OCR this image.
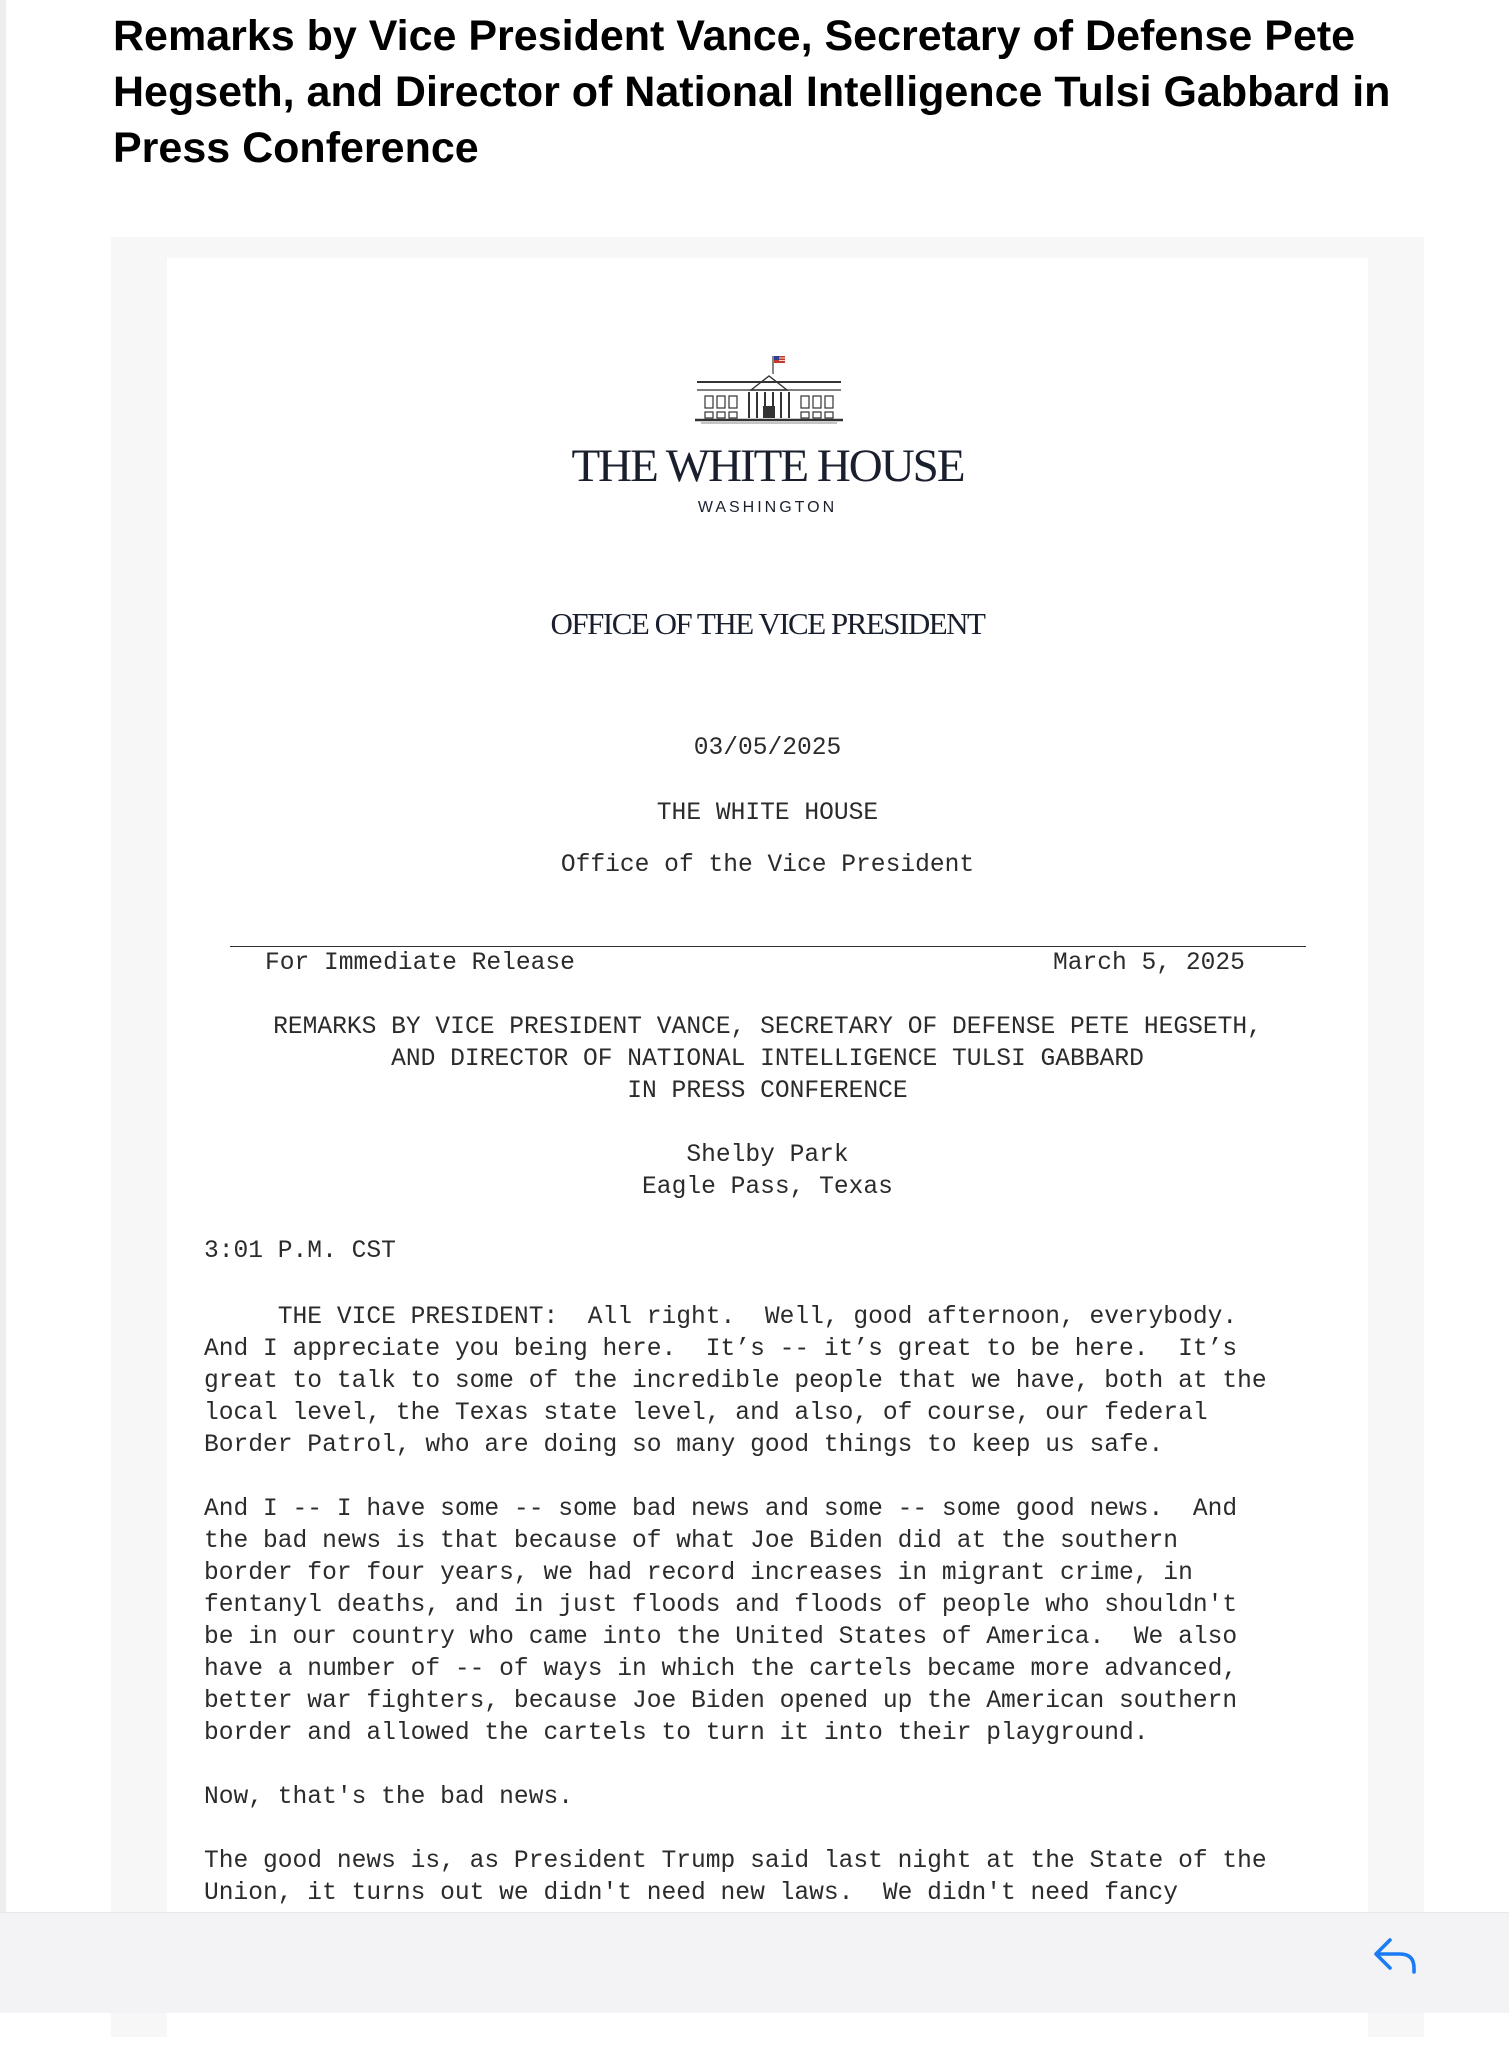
Remarks by Vice President Vance, Secretary of Defense Pete Hegseth, and Director of National Intelligence Tulsi Gabbard in Press Conference
THE WHITE HOUSE
WASHINGTON
OFFICE OF THE VICE PRESIDENT
03/05/2025
THE WHITE HOUSE
Office of the Vice President
For Immediate Release	March 5, 2025
REMARKS BY VICE PRESIDENT VANCE, SECRETARY OF DEFENSE PETE HEGSETH,
AND DIRECTOR OF NATIONAL INTELLIGENCE TULSI GABBARD
IN PRESS CONFERENCE
Shelby Park
Eagle Pass, Texas
3:01 P.M. CST
THE VICE PRESIDENT:  All right.  Well, good afternoon, everybody.
And I appreciate you being here.  It’s -- it’s great to be here.  It’s
great to talk to some of the incredible people that we have, both at the
local level, the Texas state level, and also, of course, our federal
Border Patrol, who are doing so many good things to keep us safe.
And I -- I have some -- some bad news and some -- some good news.  And
the bad news is that because of what Joe Biden did at the southern
border for four years, we had record increases in migrant crime, in
fentanyl deaths, and in just floods and floods of people who shouldn't
be in our country who came into the United States of America.  We also
have a number of -- of ways in which the cartels became more advanced,
better war fighters, because Joe Biden opened up the American southern
border and allowed the cartels to turn it into their playground.
Now, that's the bad news.
The good news is, as President Trump said last night at the State of the
Union, it turns out we didn't need new laws.  We didn't need fancy
